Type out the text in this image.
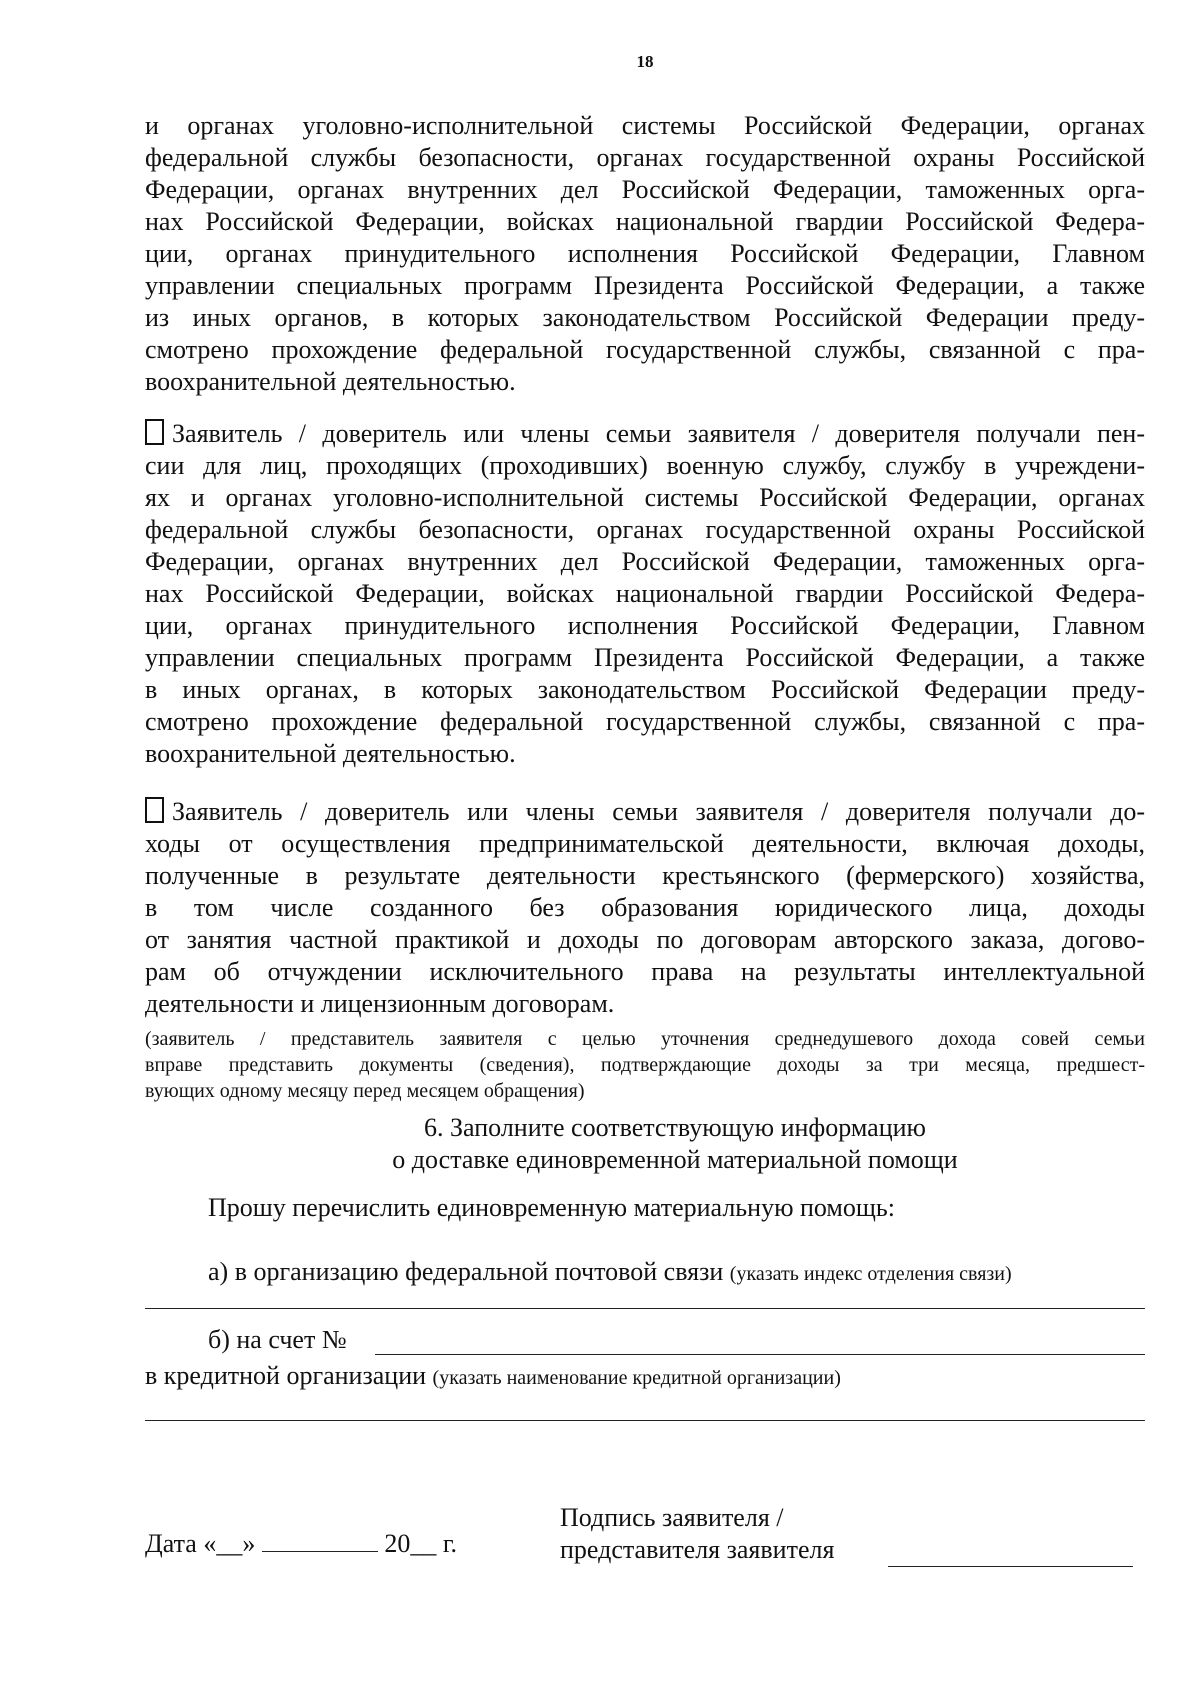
18
и органах уголовно-исполнительной системы Российской Федерации, органах
федеральной службы безопасности, органах государственной охраны Российской
Федерации, органах внутренних дел Российской Федерации, таможенных орга-
нах Российской Федерации, войсках национальной гвардии Российской Федера-
ции, органах принудительного исполнения Российской Федерации, Главном
управлении специальных программ Президента Российской Федерации, а также
из иных органов, в которых законодательством Российской Федерации преду-
смотрено прохождение федеральной государственной службы, связанной с пра-
воохранительной деятельностью.
Заявитель / доверитель или члены семьи заявителя / доверителя получали пен-
сии для лиц, проходящих (проходивших) военную службу, службу в учреждени-
ях и органах уголовно-исполнительной системы Российской Федерации, органах
федеральной службы безопасности, органах государственной охраны Российской
Федерации, органах внутренних дел Российской Федерации, таможенных орга-
нах Российской Федерации, войсках национальной гвардии Российской Федера-
ции, органах принудительного исполнения Российской Федерации, Главном
управлении специальных программ Президента Российской Федерации, а также
в иных органах, в которых законодательством Российской Федерации преду-
смотрено прохождение федеральной государственной службы, связанной с пра-
воохранительной деятельностью.
Заявитель / доверитель или члены семьи заявителя / доверителя получали до-
ходы от осуществления предпринимательской деятельности, включая доходы,
полученные в результате деятельности крестьянского (фермерского) хозяйства,
в том числе созданного без образования юридического лица, доходы
от занятия частной практикой и доходы по договорам авторского заказа, догово-
рам об отчуждении исключительного права на результаты интеллектуальной
деятельности и лицензионным договорам.
(заявитель / представитель заявителя с целью уточнения среднедушевого дохода совей семьи
вправе представить документы (сведения), подтверждающие доходы за три месяца, предшест-
вующих одному месяцу перед месяцем обращения)
6. Заполните соответствующую информацию
о доставке единовременной материальной помощи
Прошу перечислить единовременную материальную помощь:
а) в организацию федеральной почтовой связи (указать индекс отделения связи)
б) на счет №
в кредитной организации (указать наименование кредитной организации)
Дата «__»	20__ г.
Подпись заявителя /
представителя заявителя
